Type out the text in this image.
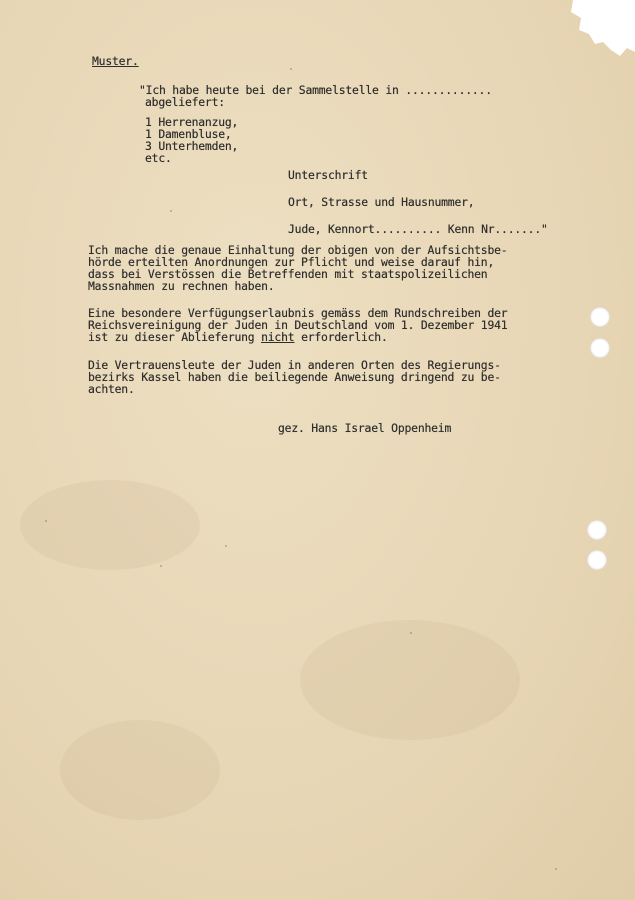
Muster.
"Ich habe heute bei der Sammelstelle in .............
abgeliefert:
1 Herrenanzug,
1 Damenbluse,
3 Unterhemden,
etc.
Unterschrift
Ort, Strasse und Hausnummer,
Jude, Kennort.......... Kenn Nr......."
Ich mache die genaue Einhaltung der obigen von der Aufsichtsbe-
hörde erteilten Anordnungen zur Pflicht und weise darauf hin,
dass bei Verstössen die Betreffenden mit staatspolizeilichen
Massnahmen zu rechnen haben.
Eine besondere Verfügungserlaubnis gemäss dem Rundschreiben der
Reichsvereinigung der Juden in Deutschland vom 1. Dezember 1941
ist zu dieser Ablieferung nicht erforderlich.
Die Vertrauensleute der Juden in anderen Orten des Regierungs-
bezirks Kassel haben die beiliegende Anweisung dringend zu be-
achten.
gez. Hans Israel Oppenheim
